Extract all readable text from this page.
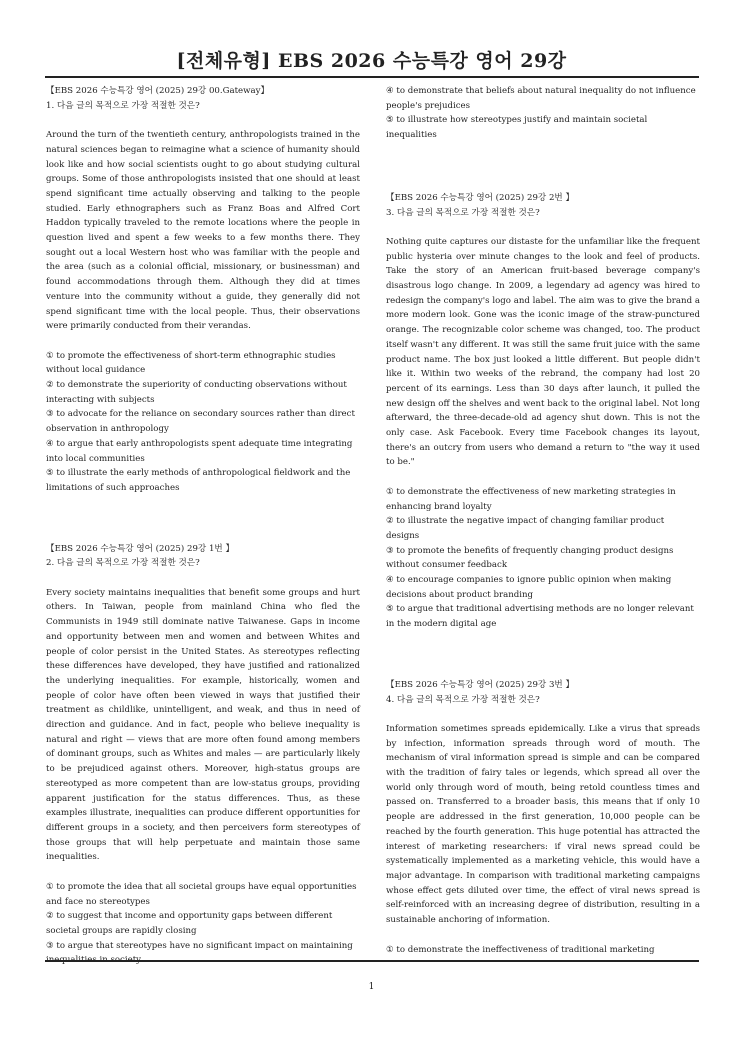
[전체유형] EBS 2026 수능특강 영어 29강

【EBS 2026 수능특강 영어 (2025) 29강 00.Gateway】

1. 다음 글의 목적으로 가장 적절한 것은?

Around the turn of the twentieth century, anthropologists trained in the natural sciences began to reimagine what a science of humanity should look like and how social scientists ought to go about studying cultural groups. Some of those anthropologists insisted that one should at least spend significant time actually observing and talking to the people studied. Early ethnographers such as Franz Boas and Alfred Cort Haddon typically traveled to the remote locations where the people in question lived and spent a few weeks to a few months there. They sought out a local Western host who was familiar with the people and the area (such as a colonial official, missionary, or businessman) and found accommodations through them. Although they did at times venture into the community without a guide, they generally did not spend significant time with the local people. Thus, their observations were primarily conducted from their verandas.

① to promote the effectiveness of short-term ethnographic studies without local guidance

② to demonstrate the superiority of conducting observations without interacting with subjects

③ to advocate for the reliance on secondary sources rather than direct observation in anthropology

④ to argue that early anthropologists spent adequate time integrating into local communities

⑤ to illustrate the early methods of anthropological fieldwork and the limitations of such approaches

【EBS 2026 수능특강 영어 (2025) 29강 1번 】

2. 다음 글의 목적으로 가장 적절한 것은?

Every society maintains inequalities that benefit some groups and hurt others. In Taiwan, people from mainland China who fled the Communists in 1949 still dominate native Taiwanese. Gaps in income and opportunity between men and women and between Whites and people of color persist in the United States. As stereotypes reflecting these differences have developed, they have justified and rationalized the underlying inequalities. For example, historically, women and people of color have often been viewed in ways that justified their treatment as childlike, unintelligent, and weak, and thus in need of direction and guidance. And in fact, people who believe inequality is natural and right — views that are more often found among members of dominant groups, such as Whites and males — are particularly likely to be prejudiced against others. Moreover, high-status groups are stereotyped as more competent than are low-status groups, providing apparent justification for the status differences. Thus, as these examples illustrate, inequalities can produce different opportunities for different groups in a society, and then perceivers form stereotypes of those groups that will help perpetuate and maintain those same inequalities.

① to promote the idea that all societal groups have equal opportunities and face no stereotypes

② to suggest that income and opportunity gaps between different societal groups are rapidly closing

③ to argue that stereotypes have no significant impact on maintaining inequalities in society

④ to demonstrate that beliefs about natural inequality do not influence people's prejudices

⑤ to illustrate how stereotypes justify and maintain societal inequalities

【EBS 2026 수능특강 영어 (2025) 29강 2번 】

3. 다음 글의 목적으로 가장 적절한 것은?

Nothing quite captures our distaste for the unfamiliar like the frequent public hysteria over minute changes to the look and feel of products. Take the story of an American fruit-based beverage company's disastrous logo change. In 2009, a legendary ad agency was hired to redesign the company's logo and label. The aim was to give the brand a more modern look. Gone was the iconic image of the straw-punctured orange. The recognizable color scheme was changed, too. The product itself wasn't any different. It was still the same fruit juice with the same product name. The box just looked a little different. But people didn't like it. Within two weeks of the rebrand, the company had lost 20 percent of its earnings. Less than 30 days after launch, it pulled the new design off the shelves and went back to the original label. Not long afterward, the three-decade-old ad agency shut down. This is not the only case. Ask Facebook. Every time Facebook changes its layout, there's an outcry from users who demand a return to "the way it used to be."

① to demonstrate the effectiveness of new marketing strategies in enhancing brand loyalty

② to illustrate the negative impact of changing familiar product designs

③ to promote the benefits of frequently changing product designs without consumer feedback

④ to encourage companies to ignore public opinion when making decisions about product branding

⑤ to argue that traditional advertising methods are no longer relevant in the modern digital age

【EBS 2026 수능특강 영어 (2025) 29강 3번 】

4. 다음 글의 목적으로 가장 적절한 것은?

Information sometimes spreads epidemically. Like a virus that spreads by infection, information spreads through word of mouth. The mechanism of viral information spread is simple and can be compared with the tradition of fairy tales or legends, which spread all over the world only through word of mouth, being retold countless times and passed on. Transferred to a broader basis, this means that if only 10 people are addressed in the first generation, 10,000 people can be reached by the fourth generation. This huge potential has attracted the interest of marketing researchers: if viral news spread could be systematically implemented as a marketing vehicle, this would have a major advantage. In comparison with traditional marketing campaigns whose effect gets diluted over time, the effect of viral news spread is self-reinforced with an increasing degree of distribution, resulting in a sustainable anchoring of information.

① to demonstrate the ineffectiveness of traditional marketing

1
